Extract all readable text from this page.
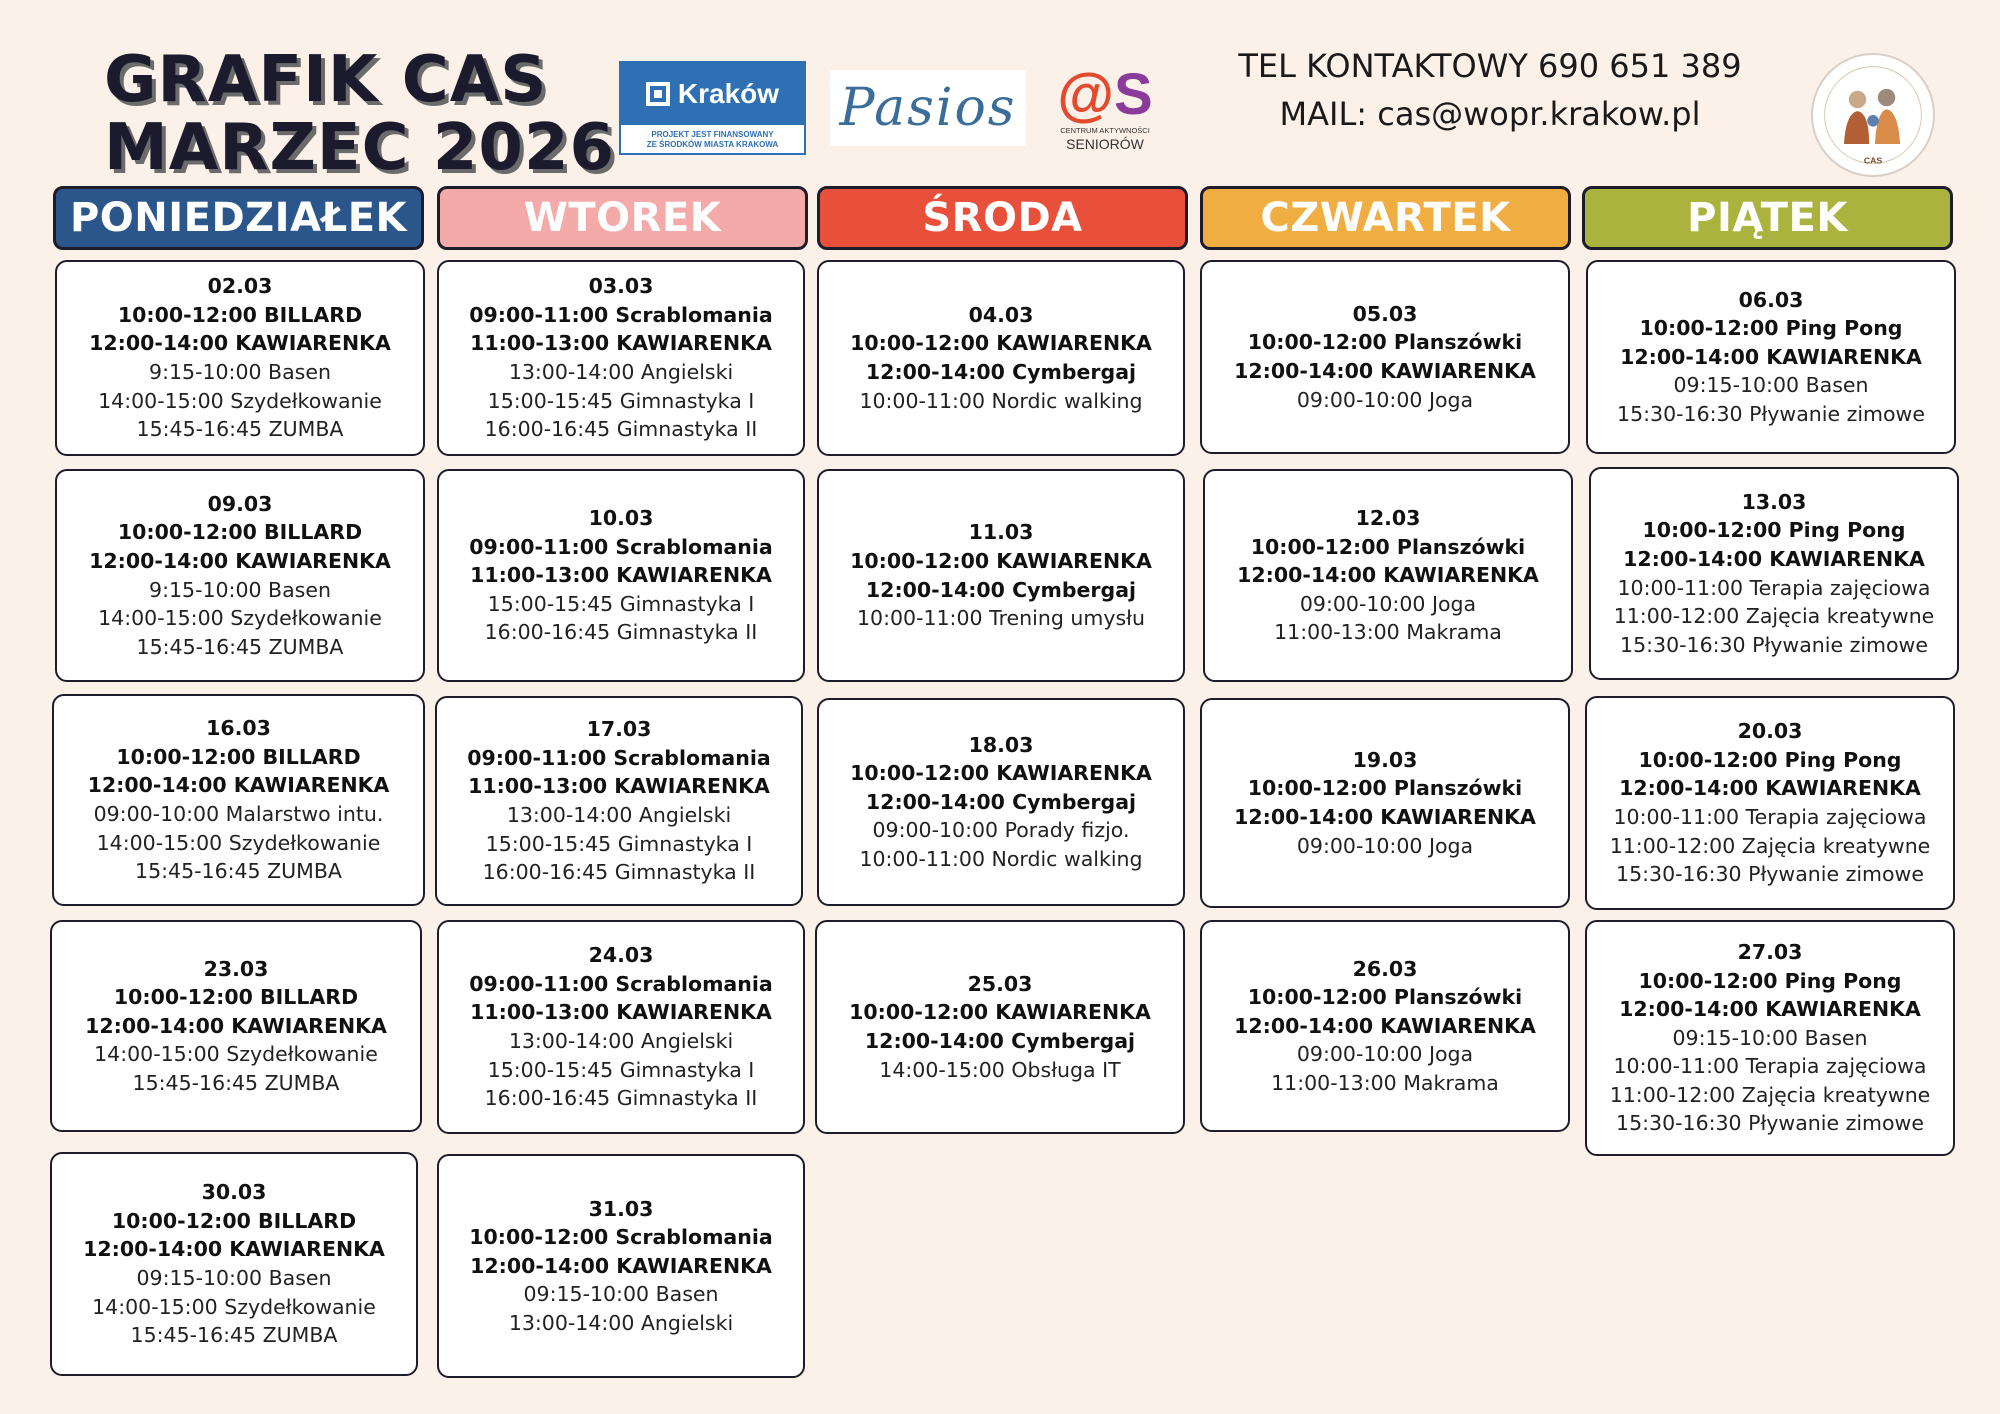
GRAFIK CAS
MARZEC 2026
Kraków
PROJEKT JEST FINANSOWANY
ZE ŚRODKÓW MIASTA KRAKOWA
Pasios @S
CENTRUM AKTYWNOŚCI
SENIORÓW
TEL KONTAKTOWY 690 651 389
MAIL: cas@wopr.krakow.pl
CAS
PONIEDZIAŁEK
02.03
10:00-12:00 BILLARD
12:00-14:00 KAWIARENKA
9:15-10:00 Basen
14:00-15:00 Szydełkowanie
15:45-16:45 ZUMBA
09.03
10:00-12:00 BILLARD
12:00-14:00 KAWIARENKA
9:15-10:00 Basen
14:00-15:00 Szydełkowanie
15:45-16:45 ZUMBA
16.03
10:00-12:00 BILLARD
12:00-14:00 KAWIARENKA
09:00-10:00 Malarstwo intu.
14:00-15:00 Szydełkowanie
15:45-16:45 ZUMBA
23.03
10:00-12:00 BILLARD
12:00-14:00 KAWIARENKA
14:00-15:00 Szydełkowanie
15:45-16:45 ZUMBA
30.03
10:00-12:00 BILLARD
12:00-14:00 KAWIARENKA
09:15-10:00 Basen
14:00-15:00 Szydełkowanie
15:45-16:45 ZUMBA
WTOREK
03.03
09:00-11:00 Scrablomania
11:00-13:00 KAWIARENKA
13:00-14:00 Angielski
15:00-15:45 Gimnastyka I
16:00-16:45 Gimnastyka II
10.03
09:00-11:00 Scrablomania
11:00-13:00 KAWIARENKA
15:00-15:45 Gimnastyka I
16:00-16:45 Gimnastyka II
17.03
09:00-11:00 Scrablomania
11:00-13:00 KAWIARENKA
13:00-14:00 Angielski
15:00-15:45 Gimnastyka I
16:00-16:45 Gimnastyka II
24.03
09:00-11:00 Scrablomania
11:00-13:00 KAWIARENKA
13:00-14:00 Angielski
15:00-15:45 Gimnastyka I
16:00-16:45 Gimnastyka II
31.03
10:00-12:00 Scrablomania
12:00-14:00 KAWIARENKA
09:15-10:00 Basen
13:00-14:00 Angielski
ŚRODA
04.03
10:00-12:00 KAWIARENKA
12:00-14:00 Cymbergaj
10:00-11:00 Nordic walking
11.03
10:00-12:00 KAWIARENKA
12:00-14:00 Cymbergaj
10:00-11:00 Trening umysłu
18.03
10:00-12:00 KAWIARENKA
12:00-14:00 Cymbergaj
09:00-10:00 Porady fizjo.
10:00-11:00 Nordic walking
25.03
10:00-12:00 KAWIARENKA
12:00-14:00 Cymbergaj
14:00-15:00 Obsługa IT
CZWARTEK
05.03
10:00-12:00 Planszówki
12:00-14:00 KAWIARENKA
09:00-10:00 Joga
12.03
10:00-12:00 Planszówki
12:00-14:00 KAWIARENKA
09:00-10:00 Joga
11:00-13:00 Makrama
19.03
10:00-12:00 Planszówki
12:00-14:00 KAWIARENKA
09:00-10:00 Joga
26.03
10:00-12:00 Planszówki
12:00-14:00 KAWIARENKA
09:00-10:00 Joga
11:00-13:00 Makrama
PIĄTEK
06.03
10:00-12:00 Ping Pong
12:00-14:00 KAWIARENKA
09:15-10:00 Basen
15:30-16:30 Pływanie zimowe
13.03
10:00-12:00 Ping Pong
12:00-14:00 KAWIARENKA
10:00-11:00 Terapia zajęciowa
11:00-12:00 Zajęcia kreatywne
15:30-16:30 Pływanie zimowe
20.03
10:00-12:00 Ping Pong
12:00-14:00 KAWIARENKA
10:00-11:00 Terapia zajęciowa
11:00-12:00 Zajęcia kreatywne
15:30-16:30 Pływanie zimowe
27.03
10:00-12:00 Ping Pong
12:00-14:00 KAWIARENKA
09:15-10:00 Basen
10:00-11:00 Terapia zajęciowa
11:00-12:00 Zajęcia kreatywne
15:30-16:30 Pływanie zimowe
